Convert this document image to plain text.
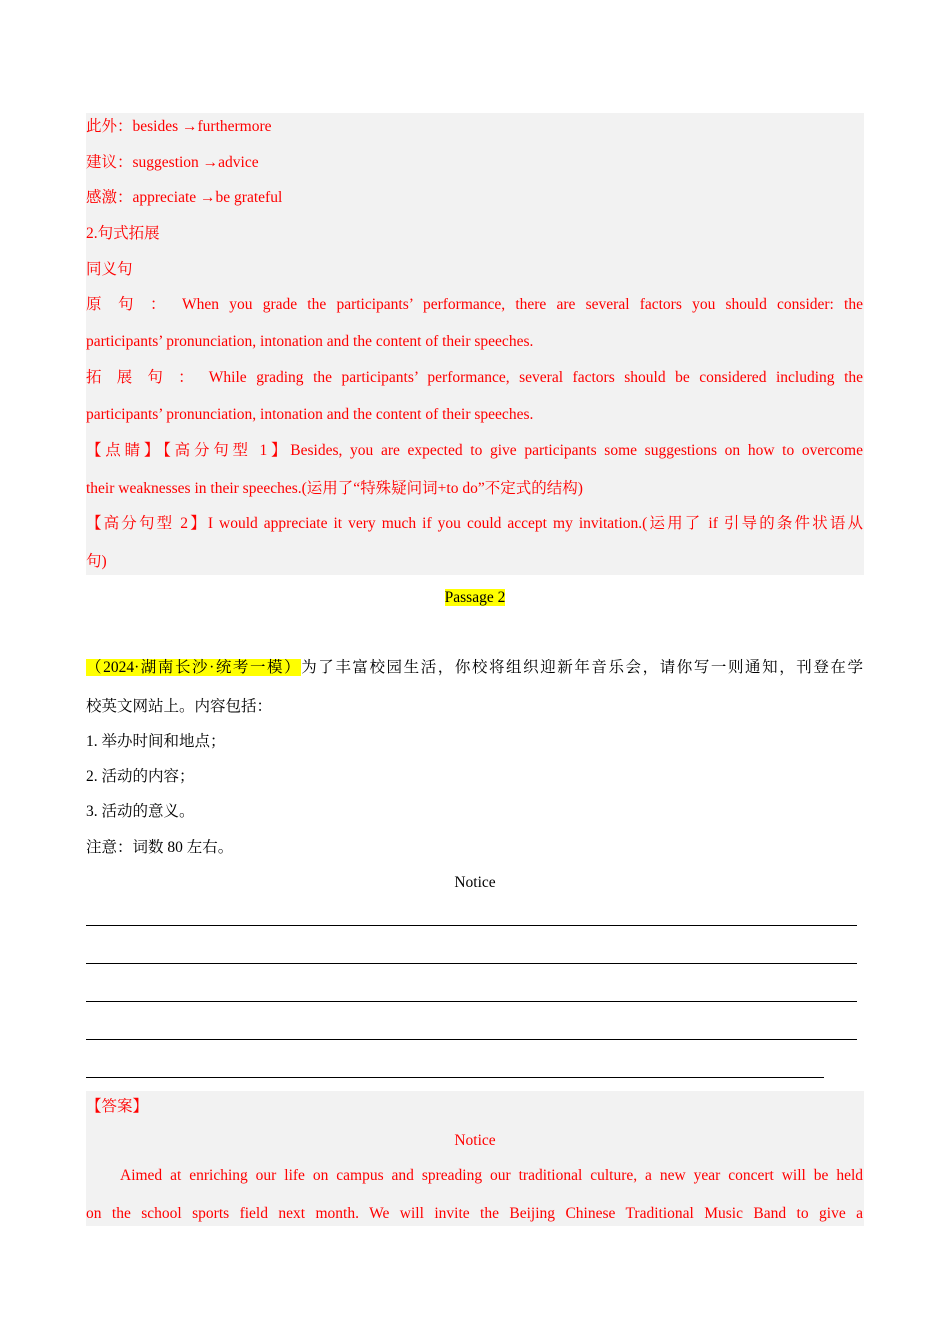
此外：besides →furthermore
建议：suggestion →advice
感激：appreciate →be grateful
2.句式拓展
同义句
原 句 ： When you grade the participants’ performance, there are several factors you should consider: the
participants’ pronunciation, intonation and the content of their speeches.
拓 展 句 ： While grading the participants’ performance, several factors should be considered including the
participants’ pronunciation, intonation and the content of their speeches.
【点睛】【高分句型 1】Besides, you are expected to give participants some suggestions on how to overcome
their weaknesses in their speeches.(运用了“特殊疑问词+to do”不定式的结构)
【高分句型 2】I would appreciate it very much if you could accept my invitation.(运用了 if 引导的条件状语从
句)
Passage 2
（2024·湖南长沙·统考一模）为了丰富校园生活，你校将组织迎新年音乐会，请你写一则通知，刊登在学
校英文网站上。内容包括：
1. 举办时间和地点；
2. 活动的内容；
3. 活动的意义。
注意：词数 80 左右。
Notice
【答案】
Notice
Aimed at enriching our life on campus and spreading our traditional culture, a new year concert will be held
on the school sports field next month. We will invite the Beijing Chinese Traditional Music Band to give a
